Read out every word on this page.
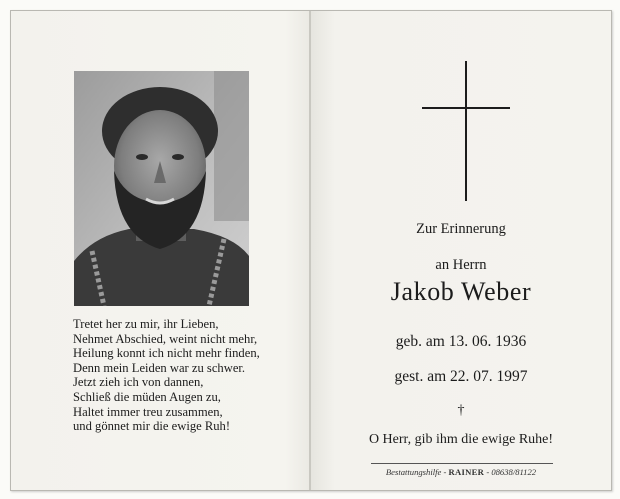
Tretet her zu mir, ihr Lieben,
Nehmet Abschied, weint nicht mehr,
Heilung konnt ich nicht mehr finden,
Denn mein Leiden war zu schwer.
Jetzt zieh ich von dannen,
Schließ die müden Augen zu,
Haltet immer treu zusammen,
und gönnet mir die ewige Ruh!
Zur Erinnerung
an Herrn
Jakob Weber
geb. am 13. 06. 1936
gest. am 22. 07. 1997
†
O Herr, gib ihm die ewige Ruhe!
Bestattungshilfe - RAINER - 08638/81122
